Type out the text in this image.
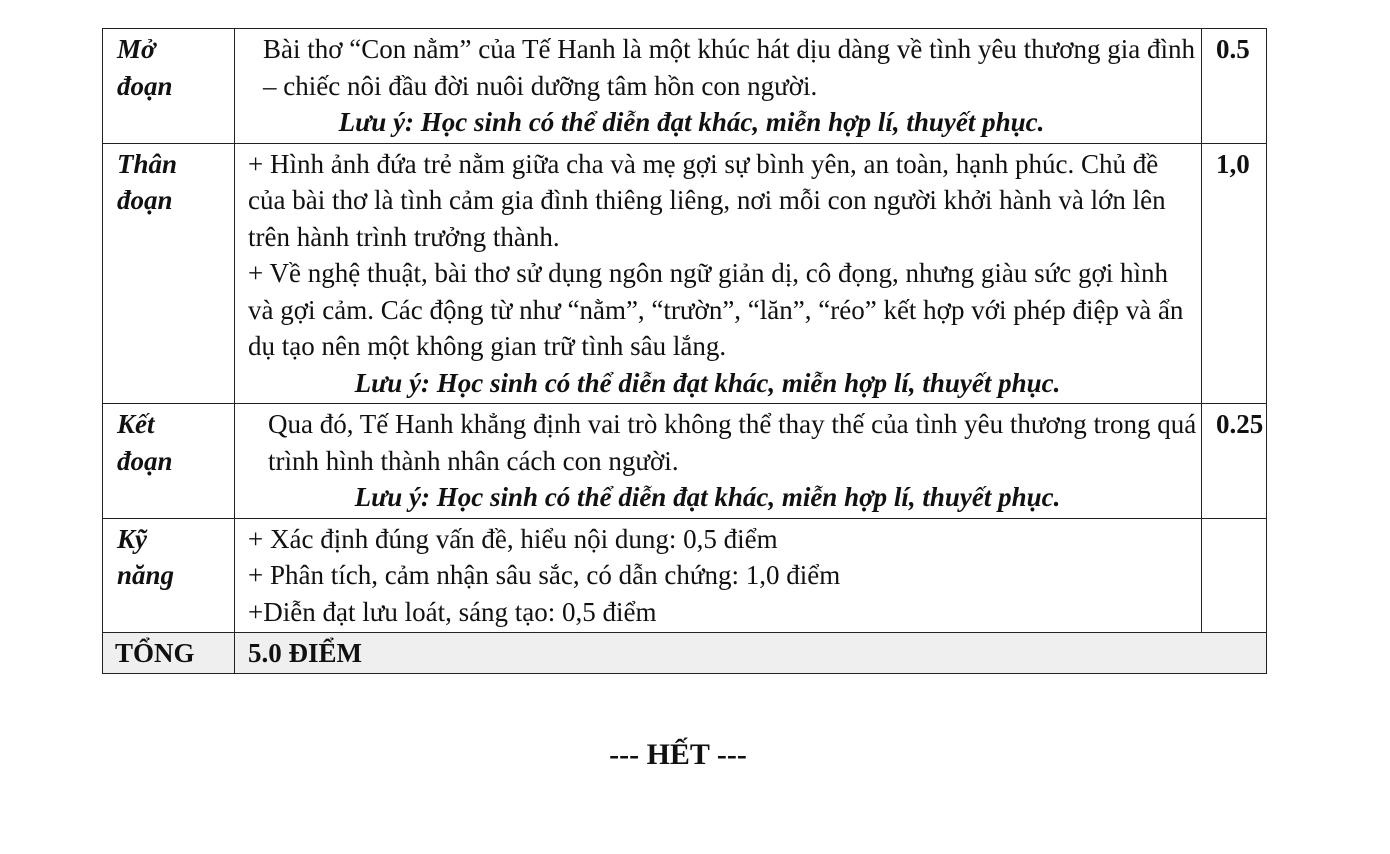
Mở
đoạn	Bài thơ “Con nằm” của Tế Hanh là một khúc hát dịu dàng về tình yêu thương gia đình – chiếc nôi đầu đời nuôi dưỡng tâm hồn con người.
Lưu ý: Học sinh có thể diễn đạt khác, miễn hợp lí, thuyết phục.	0.5

Thân
đoạn	+ Hình ảnh đứa trẻ nằm giữa cha và mẹ gợi sự bình yên, an toàn, hạnh phúc. Chủ đề của bài thơ là tình cảm gia đình thiêng liêng, nơi mỗi con người khởi hành và lớn lên trên hành trình trưởng thành.
+ Về nghệ thuật, bài thơ sử dụng ngôn ngữ giản dị, cô đọng, nhưng giàu sức gợi hình và gợi cảm. Các động từ như “nằm”, “trườn”, “lăn”, “réo” kết hợp với phép điệp và ẩn dụ tạo nên một không gian trữ tình sâu lắng.
Lưu ý: Học sinh có thể diễn đạt khác, miễn hợp lí, thuyết phục.	1,0

Kết
đoạn	Qua đó, Tế Hanh khẳng định vai trò không thể thay thế của tình yêu thương trong quá trình hình thành nhân cách con người.
Lưu ý: Học sinh có thể diễn đạt khác, miễn hợp lí, thuyết phục.	0.25

Kỹ
năng	+ Xác định đúng vấn đề, hiểu nội dung: 0,5 điểm
+ Phân tích, cảm nhận sâu sắc, có dẫn chứng: 1,0 điểm
+Diễn đạt lưu loát, sáng tạo: 0,5 điểm	

TỔNG	5.0 ĐIỂM	
--- HẾT ---
